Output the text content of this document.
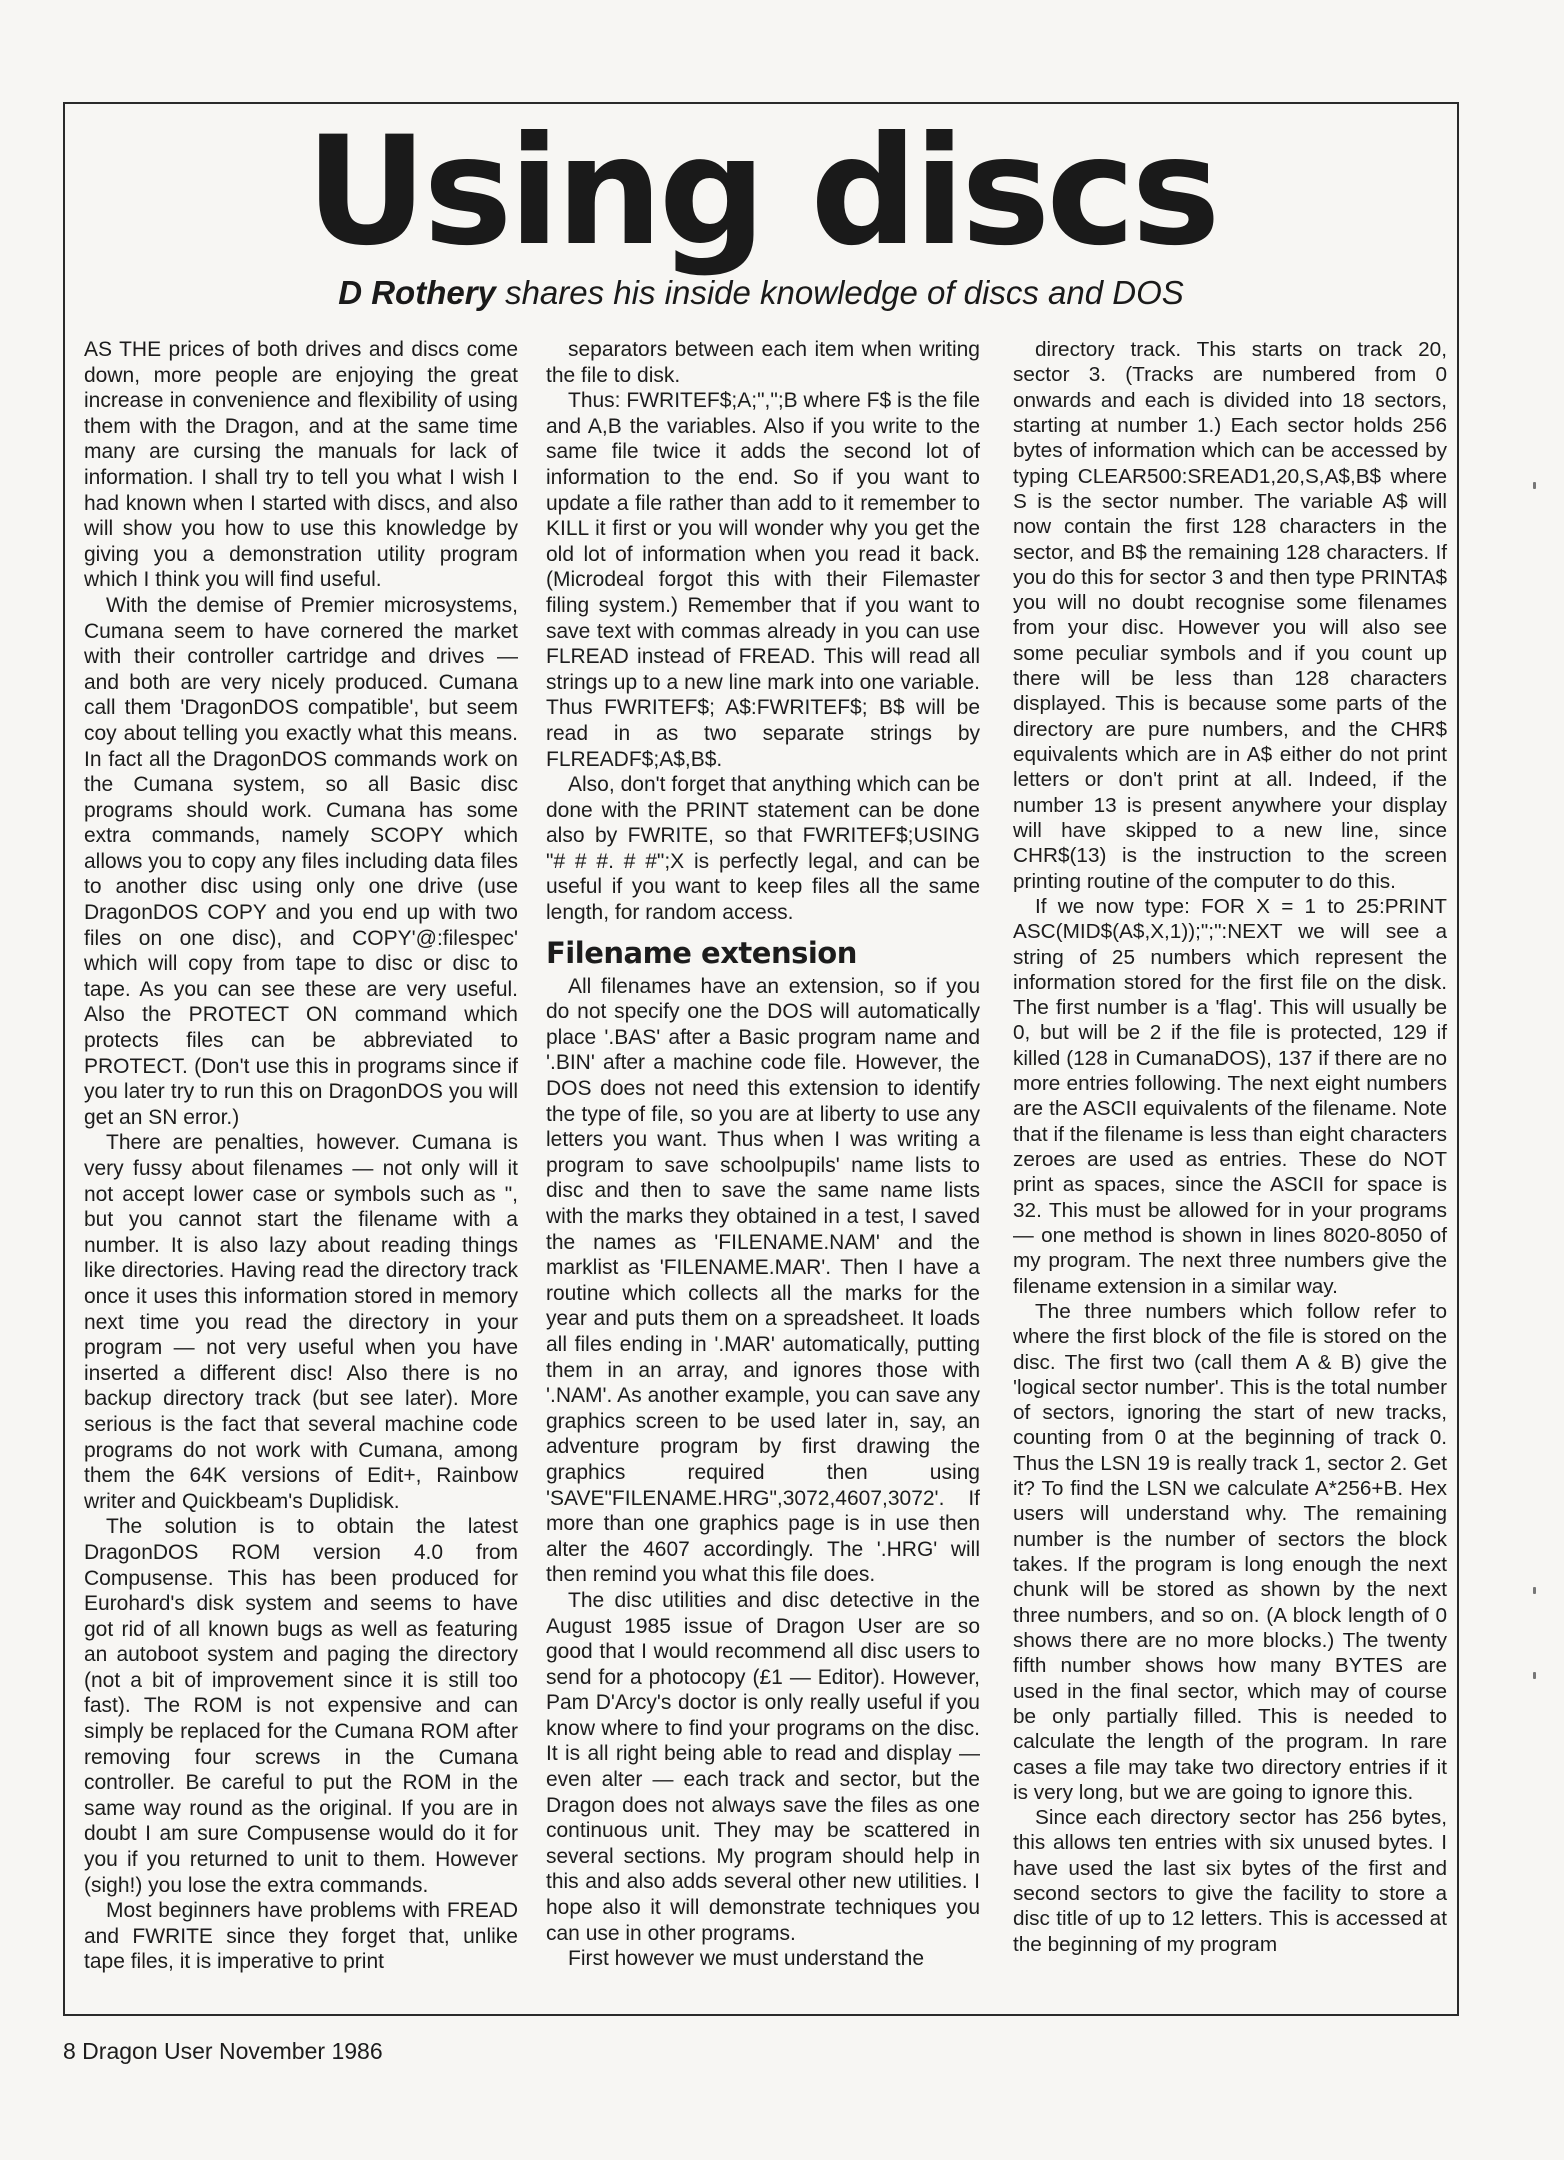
Using discs
D Rothery shares his inside knowledge of discs and DOS

AS THE prices of both drives and discs come down, more people are enjoying the great increase in convenience and flexibility of using them with the Dragon, and at the same time many are cursing the manuals for lack of information. I shall try to tell you what I wish I had known when I started with discs, and also will show you how to use this knowledge by giving you a demonstration utility program which I think you will find useful.

With the demise of Premier microsystems, Cumana seem to have cornered the market with their controller cartridge and drives — and both are very nicely produced. Cumana call them 'DragonDOS compatible', but seem coy about telling you exactly what this means. In fact all the DragonDOS commands work on the Cumana system, so all Basic disc programs should work. Cumana has some extra commands, namely SCOPY which allows you to copy any files including data files to another disc using only one drive (use DragonDOS COPY and you end up with two files on one disc), and COPY'@:filespec' which will copy from tape to disc or disc to tape. As you can see these are very useful. Also the PROTECT ON command which protects files can be abbreviated to PROTECT. (Don't use this in programs since if you later try to run this on DragonDOS you will get an SN error.)

There are penalties, however. Cumana is very fussy about filenames — not only will it not accept lower case or symbols such as ", but you cannot start the filename with a number. It is also lazy about reading things like directories. Having read the directory track once it uses this information stored in memory next time you read the directory in your program — not very useful when you have inserted a different disc! Also there is no backup directory track (but see later). More serious is the fact that several machine code programs do not work with Cumana, among them the 64K versions of Edit+, Rainbow writer and Quickbeam's Duplidisk.

The solution is to obtain the latest DragonDOS ROM version 4.0 from Compusense. This has been produced for Eurohard's disk system and seems to have got rid of all known bugs as well as featuring an autoboot system and paging the directory (not a bit of improvement since it is still too fast). The ROM is not expensive and can simply be replaced for the Cumana ROM after removing four screws in the Cumana controller. Be careful to put the ROM in the same way round as the original. If you are in doubt I am sure Compusense would do it for you if you returned to unit to them. However (sigh!) you lose the extra commands.

Most beginners have problems with FREAD and FWRITE since they forget that, unlike tape files, it is imperative to print

separators between each item when writing the file to disk.

Thus: FWRITEF$;A;",";B where F$ is the file and A,B the variables. Also if you write to the same file twice it adds the second lot of information to the end. So if you want to update a file rather than add to it remember to KILL it first or you will wonder why you get the old lot of information when you read it back. (Microdeal forgot this with their Filemaster filing system.) Remember that if you want to save text with commas already in you can use FLREAD instead of FREAD. This will read all strings up to a new line mark into one variable. Thus FWRITEF$; A$:FWRITEF$; B$ will be read in as two separate strings by FLREADF$;A$,B$.

Also, don't forget that anything which can be done with the PRINT statement can be done also by FWRITE, so that FWRITEF$;USING "# # #. # #";X is perfectly legal, and can be useful if you want to keep files all the same length, for random access.

Filename extension

All filenames have an extension, so if you do not specify one the DOS will automatically place '.BAS' after a Basic program name and '.BIN' after a machine code file. However, the DOS does not need this extension to identify the type of file, so you are at liberty to use any letters you want. Thus when I was writing a program to save schoolpupils' name lists to disc and then to save the same name lists with the marks they obtained in a test, I saved the names as 'FILENAME.NAM' and the marklist as 'FILENAME.MAR'. Then I have a routine which collects all the marks for the year and puts them on a spreadsheet. It loads all files ending in '.MAR' automatically, putting them in an array, and ignores those with '.NAM'. As another example, you can save any graphics screen to be used later in, say, an adventure program by first drawing the graphics required then using 'SAVE"FILENAME.HRG",3072,4607,3072'. If more than one graphics page is in use then alter the 4607 accordingly. The '.HRG' will then remind you what this file does.

The disc utilities and disc detective in the August 1985 issue of Dragon User are so good that I would recommend all disc users to send for a photocopy (£1 — Editor). However, Pam D'Arcy's doctor is only really useful if you know where to find your programs on the disc. It is all right being able to read and display — even alter — each track and sector, but the Dragon does not always save the files as one continuous unit. They may be scattered in several sections. My program should help in this and also adds several other new utilities. I hope also it will demonstrate techniques you can use in other programs.

First however we must understand the

directory track. This starts on track 20, sector 3. (Tracks are numbered from 0 onwards and each is divided into 18 sectors, starting at number 1.) Each sector holds 256 bytes of information which can be accessed by typing CLEAR500:SREAD1,20,S,A$,B$ where S is the sector number. The variable A$ will now contain the first 128 characters in the sector, and B$ the remaining 128 characters. If you do this for sector 3 and then type PRINTA$ you will no doubt recognise some filenames from your disc. However you will also see some peculiar symbols and if you count up there will be less than 128 characters displayed. This is because some parts of the directory are pure numbers, and the CHR$ equivalents which are in A$ either do not print letters or don't print at all. Indeed, if the number 13 is present anywhere your display will have skipped to a new line, since CHR$(13) is the instruction to the screen printing routine of the computer to do this.

If we now type: FOR X = 1 to 25:PRINT ASC(MID$(A$,X,1));";":NEXT we will see a string of 25 numbers which represent the information stored for the first file on the disk. The first number is a 'flag'. This will usually be 0, but will be 2 if the file is protected, 129 if killed (128 in CumanaDOS), 137 if there are no more entries following. The next eight numbers are the ASCII equivalents of the filename. Note that if the filename is less than eight characters zeroes are used as entries. These do NOT print as spaces, since the ASCII for space is 32. This must be allowed for in your programs — one method is shown in lines 8020-8050 of my program. The next three numbers give the filename extension in a similar way.

The three numbers which follow refer to where the first block of the file is stored on the disc. The first two (call them A & B) give the 'logical sector number'. This is the total number of sectors, ignoring the start of new tracks, counting from 0 at the beginning of track 0. Thus the LSN 19 is really track 1, sector 2. Get it? To find the LSN we calculate A*256+B. Hex users will understand why. The remaining number is the number of sectors the block takes. If the program is long enough the next chunk will be stored as shown by the next three numbers, and so on. (A block length of 0 shows there are no more blocks.) The twenty fifth number shows how many BYTES are used in the final sector, which may of course be only partially filled. This is needed to calculate the length of the program. In rare cases a file may take two directory entries if it is very long, but we are going to ignore this.

Since each directory sector has 256 bytes, this allows ten entries with six unused bytes. I have used the last six bytes of the first and second sectors to give the facility to store a disc title of up to 12 letters. This is accessed at the beginning of my program

8 Dragon User November 1986
